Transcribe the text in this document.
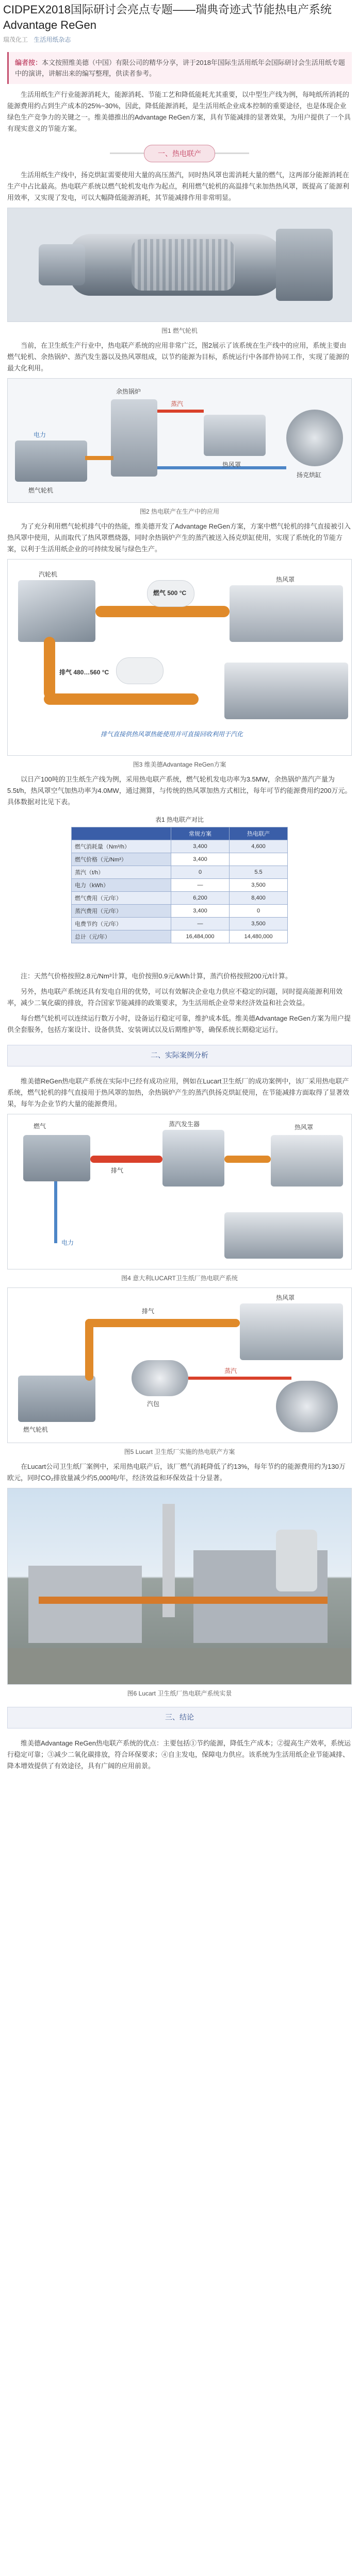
CIDPEX2018国际研讨会亮点专题——瑞典奇迹式节能热电产系统Advantage ReGen
瑞茂化工 生活用纸杂志
编者按：本文按照维美德（中国）有限公司的精华分享，讲于2018年国际生活用纸年会国际研讨会生活用纸专题中的演讲，讲解出来的编写整理，供读者参考。

生活用纸生产行业能源消耗大，能源消耗、节能工艺和降低能耗尤其重要，以中型生产线为例，每吨纸所消耗的能源费用约占到生产成本的25%~30%，因此，降低能源消耗，是生活用纸企业成本控制的重要途径，也是体现企业绿色生产竞争力的关键之一。维美德推出的Advantage ReGen方案，具有节能减排的显著效果，为用户提供了一个具有现实意义的节能方案。

一、热电联产

生活用纸生产线中，扬克烘缸需要使用大量的高压蒸汽，同时热风罩也需消耗大量的燃气，这两部分能源消耗在生产中占比最高。热电联产系统以燃气轮机发电作为起点，利用燃气轮机的高温排气来加热热风罩，既提高了能源利用效率，又实现了发电，可以大幅降低能源消耗，其节能减排作用非常明显。

图1 燃气轮机

当前，在卫生纸生产行业中，热电联产系统的应用非常广泛，图2展示了该系统在生产线中的应用，系统主要由燃气轮机、余热锅炉、蒸汽发生器以及热风罩组成，以节约能源为目标，系统运行中各部件协同工作，实现了能源的最大化利用。

燃气轮机
余热锅炉
蒸汽
热风罩
扬克烘缸
电力
图2 热电联产在生产中的应用

为了充分利用燃气轮机排气中的热能，维美德开发了Advantage ReGen方案，方案中燃气轮机的排气直接被引入热风罩中使用，从而取代了热风罩燃烧器，同时余热锅炉产生的蒸汽被送入扬克烘缸使用，实现了系统化的节能方案，以利于生活用纸企业的可持续发展与绿色生产。

燃气 500 °C
排气 480…560 °C
汽轮机
热风罩
排气直接供热风罩热能使用并可直接回收利用于汽化
图3 维美德Advantage ReGen方案

以日产100吨的卫生纸生产线为例，采用热电联产系统，燃气轮机发电功率为3.5MW，余热锅炉蒸汽产量为5.5t/h，热风罩空气加热功率为4.0MW，通过测算，与传统的热风罩加热方式相比，每年可节约能源费用约200万元。具体数据对比见下表。

表1 热电联产对比
	常规方案	热电联产
燃气消耗量（Nm³/h）	3,400	4,600
燃气价格（元/Nm³）	3,400	
蒸汽（t/h）	0	5.5
电力（kWh）	—	3,500
燃气费用（元/年）	6,200	8,400
蒸汽费用（元/年）	3,400	0
电费节约（元/年）	—	3,500
总计（元/年）	16,484,000	14,480,000

注：天然气价格按照2.8元/Nm³计算，电价按照0.9元/kWh计算，蒸汽价格按照200元/t计算。

另外，热电联产系统还具有发电自用的优势，可以有效解决企业电力供应不稳定的问题，同时提高能源利用效率，减少二氧化碳的排放，符合国家节能减排的政策要求，为生活用纸企业带来经济效益和社会效益。

每台燃气轮机可以连续运行数万小时，设备运行稳定可靠，维护成本低。维美德Advantage ReGen方案为用户提供全套服务，包括方案设计、设备供货、安装调试以及后期维护等，确保系统长期稳定运行。

二、实际案例分析

维美德ReGen热电联产系统在实际中已经有成功应用，例如在Lucart卫生纸厂的成功案例中，该厂采用热电联产系统，燃气轮机的排气直接用于热风罩的加热，余热锅炉产生的蒸汽供扬克烘缸使用，在节能减排方面取得了显著效果，每年为企业节约大量的能源费用。

燃气
排气
蒸汽发生器	热风罩
电力
图4 意大利LUCART卫生纸厂热电联产系统
燃气轮机
排气
热风罩
汽包
蒸汽
图5 Lucart 卫生纸厂实施的热电联产方案

在Lucart公司卫生纸厂案例中，采用热电联产后，该厂燃气消耗降低了约13%，每年节约的能源费用约为130万欧元，同时CO₂排放量减少约5,000吨/年，经济效益和环保效益十分显著。

图6 Lucart 卫生纸厂热电联产系统实景
三、结论

维美德Advantage ReGen热电联产系统的优点：主要包括①节约能源，降低生产成本；②提高生产效率，系统运行稳定可靠；③减少二氧化碳排放，符合环保要求；④自主发电，保障电力供应。该系统为生活用纸企业节能减排、降本增效提供了有效途径，具有广阔的应用前景。
